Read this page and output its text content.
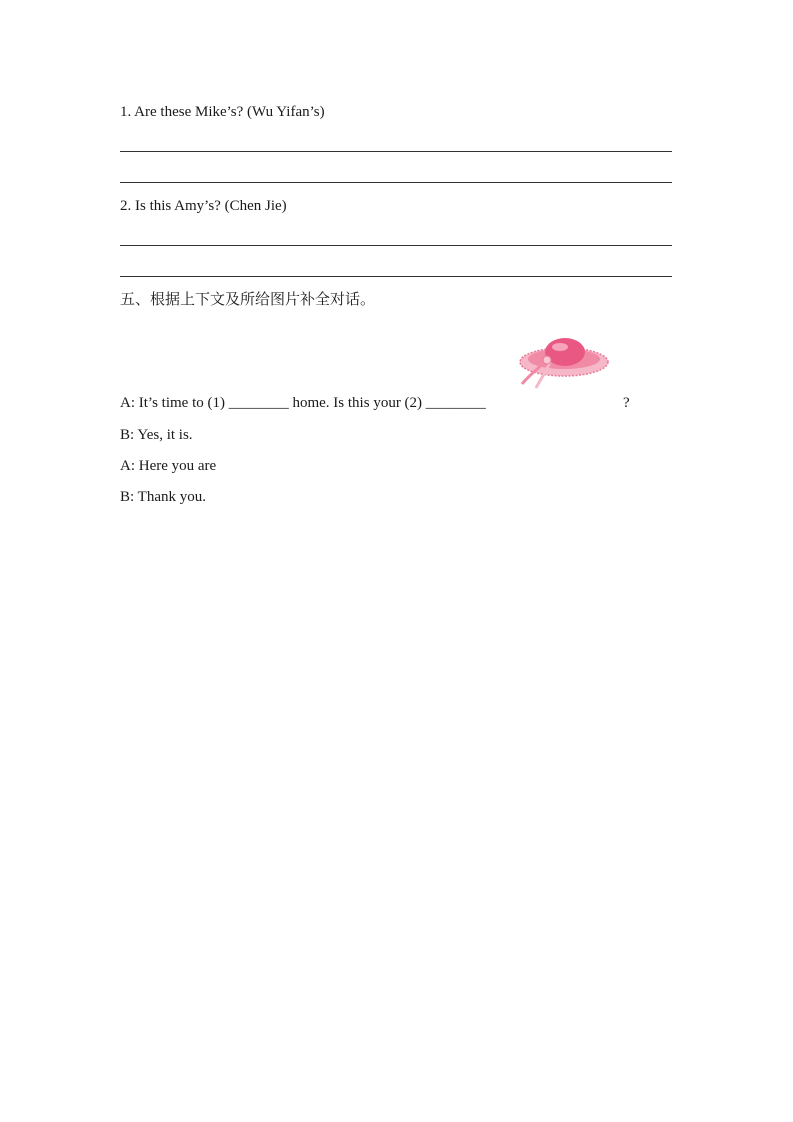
1. Are these Mike’s? (Wu Yifan’s)
2. Is this Amy’s? (Chen Jie)
五、根据上下文及所给图片补全对话。
A: It’s time to (1) ________ home. Is this your (2) ________	?
B: Yes, it is.
A: Here you are
B: Thank you.
